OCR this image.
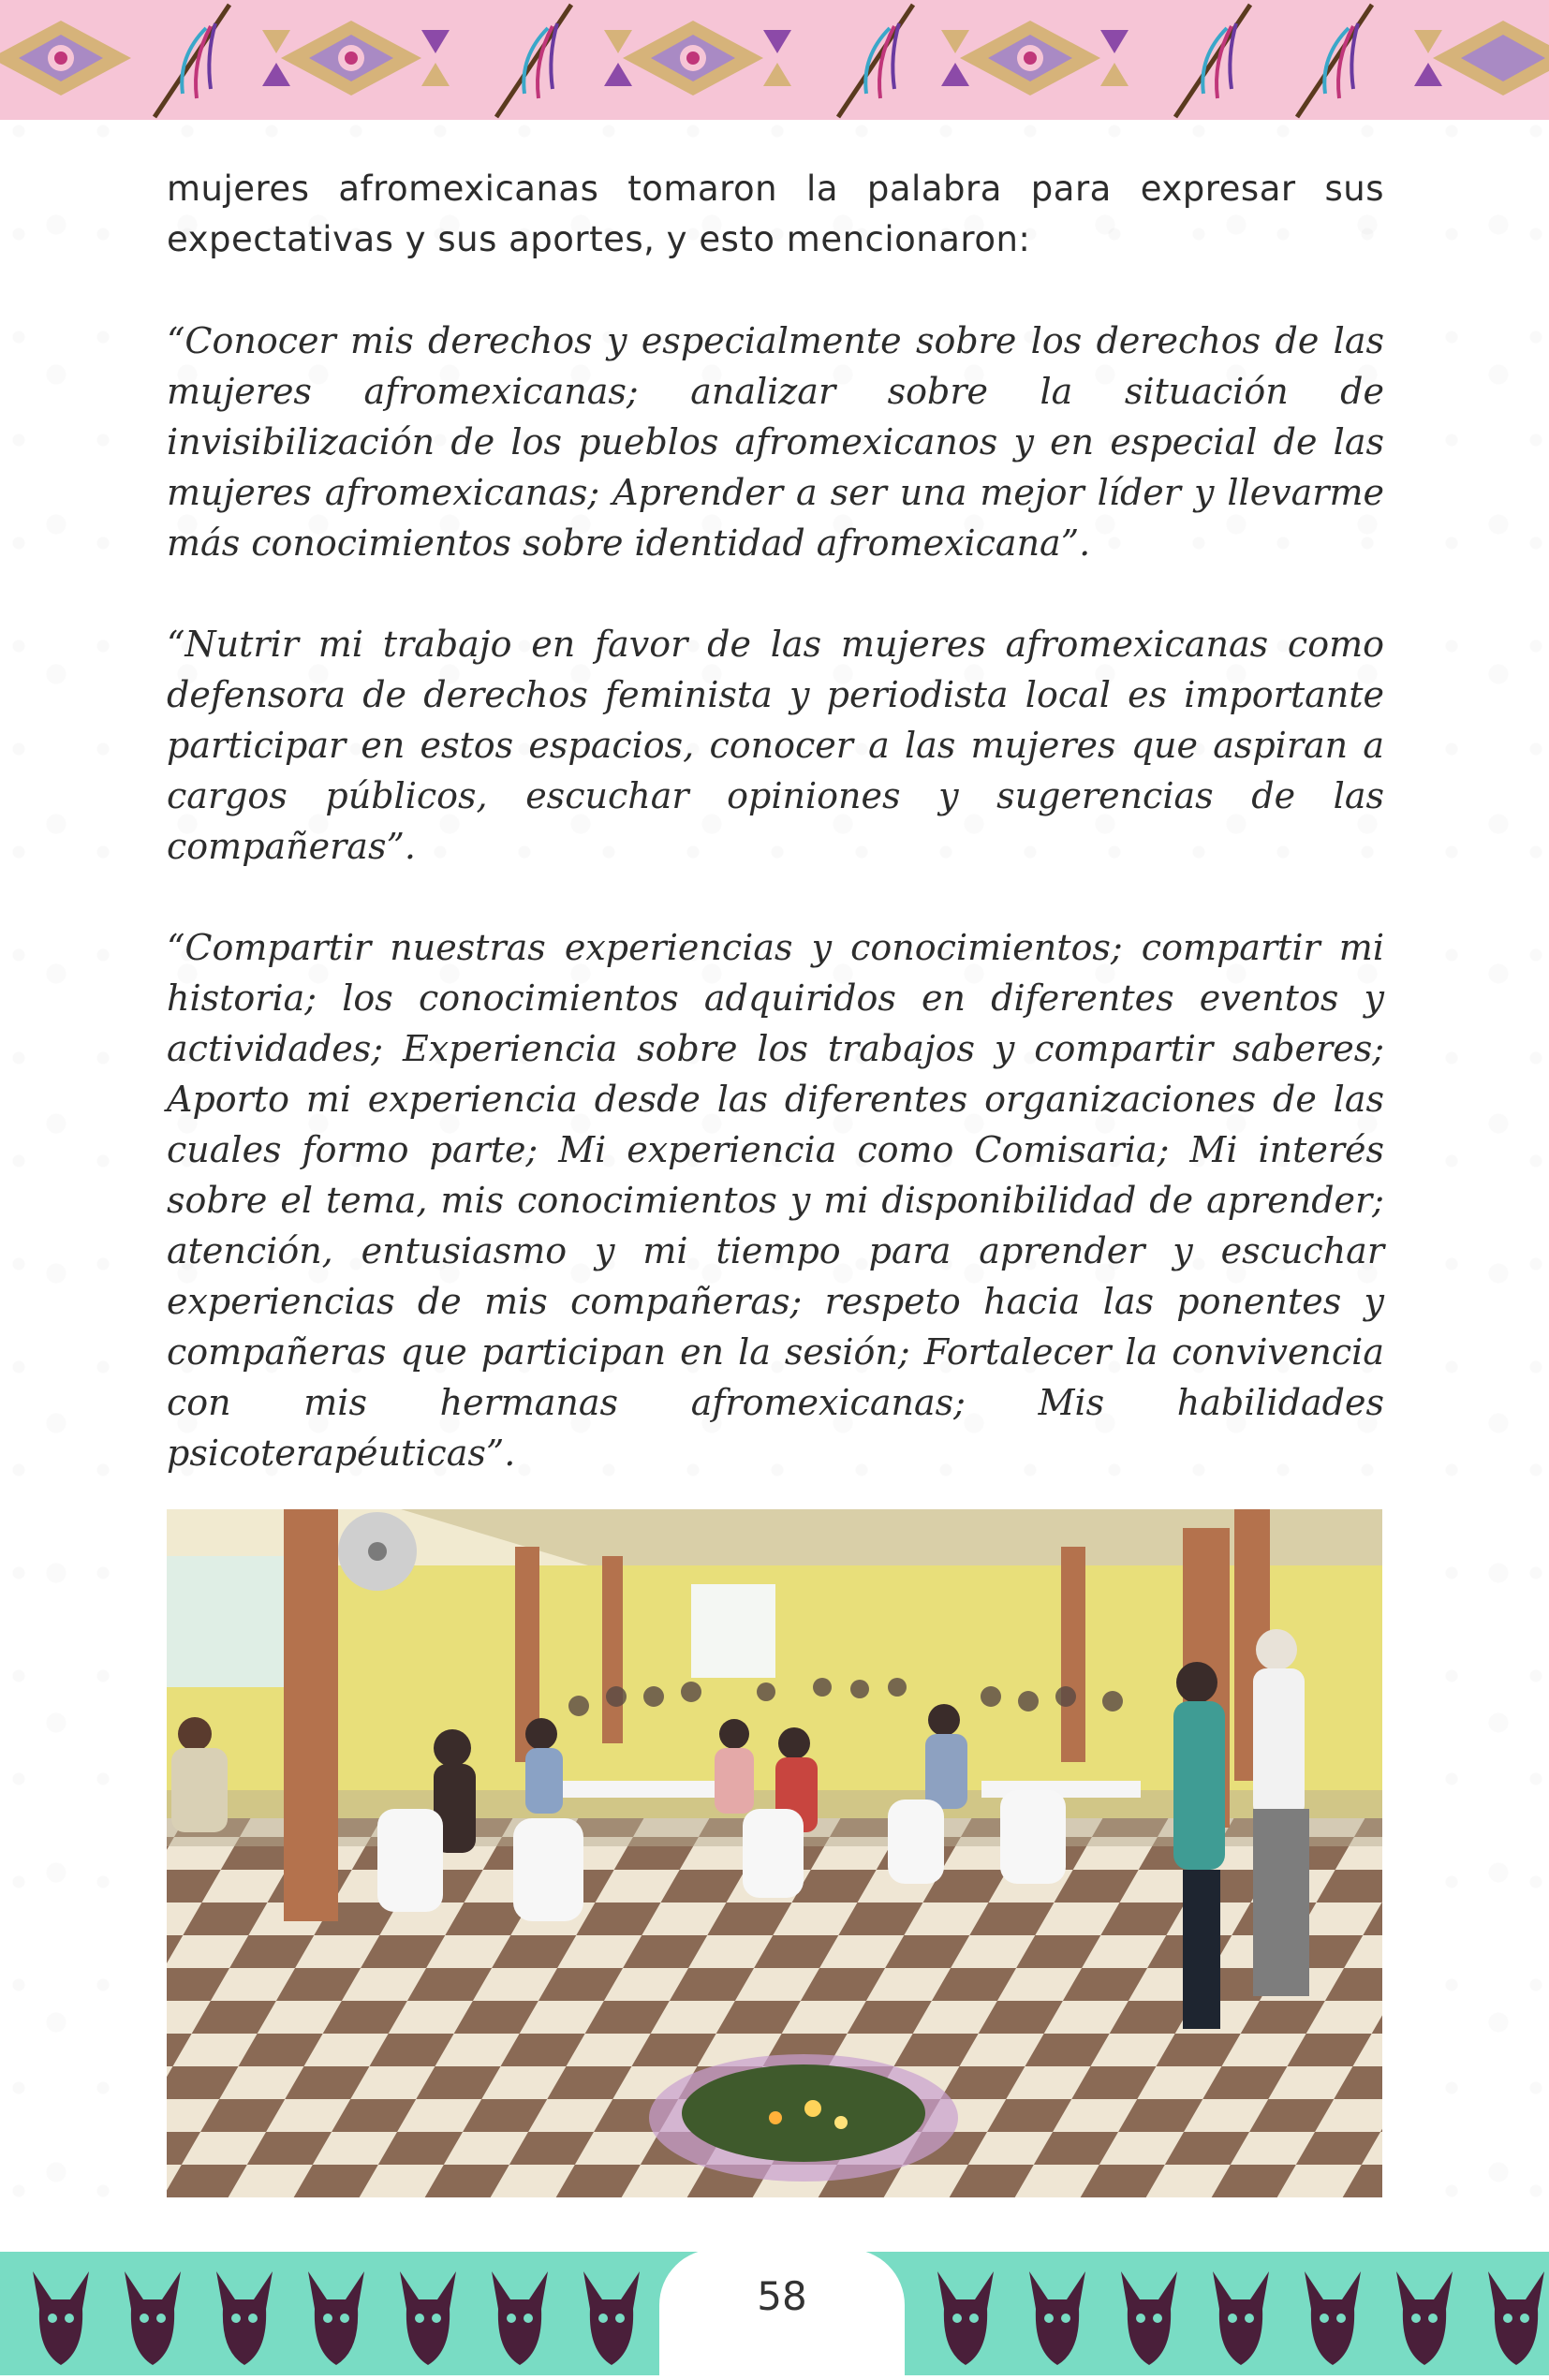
mujeres afromexicanas tomaron la palabra para expresar sus expectativas y sus aportes, y esto mencionaron:

“Conocer mis derechos y especialmente sobre los derechos de las mujeres afromexicanas; analizar sobre la situación de invisibilización de los pueblos afromexicanos y en especial de las mujeres afromexicanas; Aprender a ser una mejor líder y llevarme más conocimientos sobre identidad afromexicana”.

“Nutrir mi trabajo en favor de las mujeres afromexicanas como defensora de derechos feminista y periodista local es importante participar en estos espacios, conocer a las mujeres que aspiran a cargos públicos, escuchar opiniones y sugerencias de las compañeras”.

“Compartir nuestras experiencias y conocimientos; compartir mi historia; los conocimientos adquiridos en diferentes eventos y actividades; Experiencia sobre los trabajos y compartir saberes; Aporto mi experiencia desde las diferentes organizaciones de las cuales formo parte; Mi experiencia como Comisaria; Mi interés sobre el tema, mis conocimientos y mi disponibilidad de aprender; atención, entusiasmo y mi tiempo para aprender y escuchar experiencias de mis compañeras; respeto hacia las ponentes y compañeras que participan en la sesión; Fortalecer la convivencia con mis hermanas afromexicanas; Mis habilidades psicoterapéuticas”.

58
